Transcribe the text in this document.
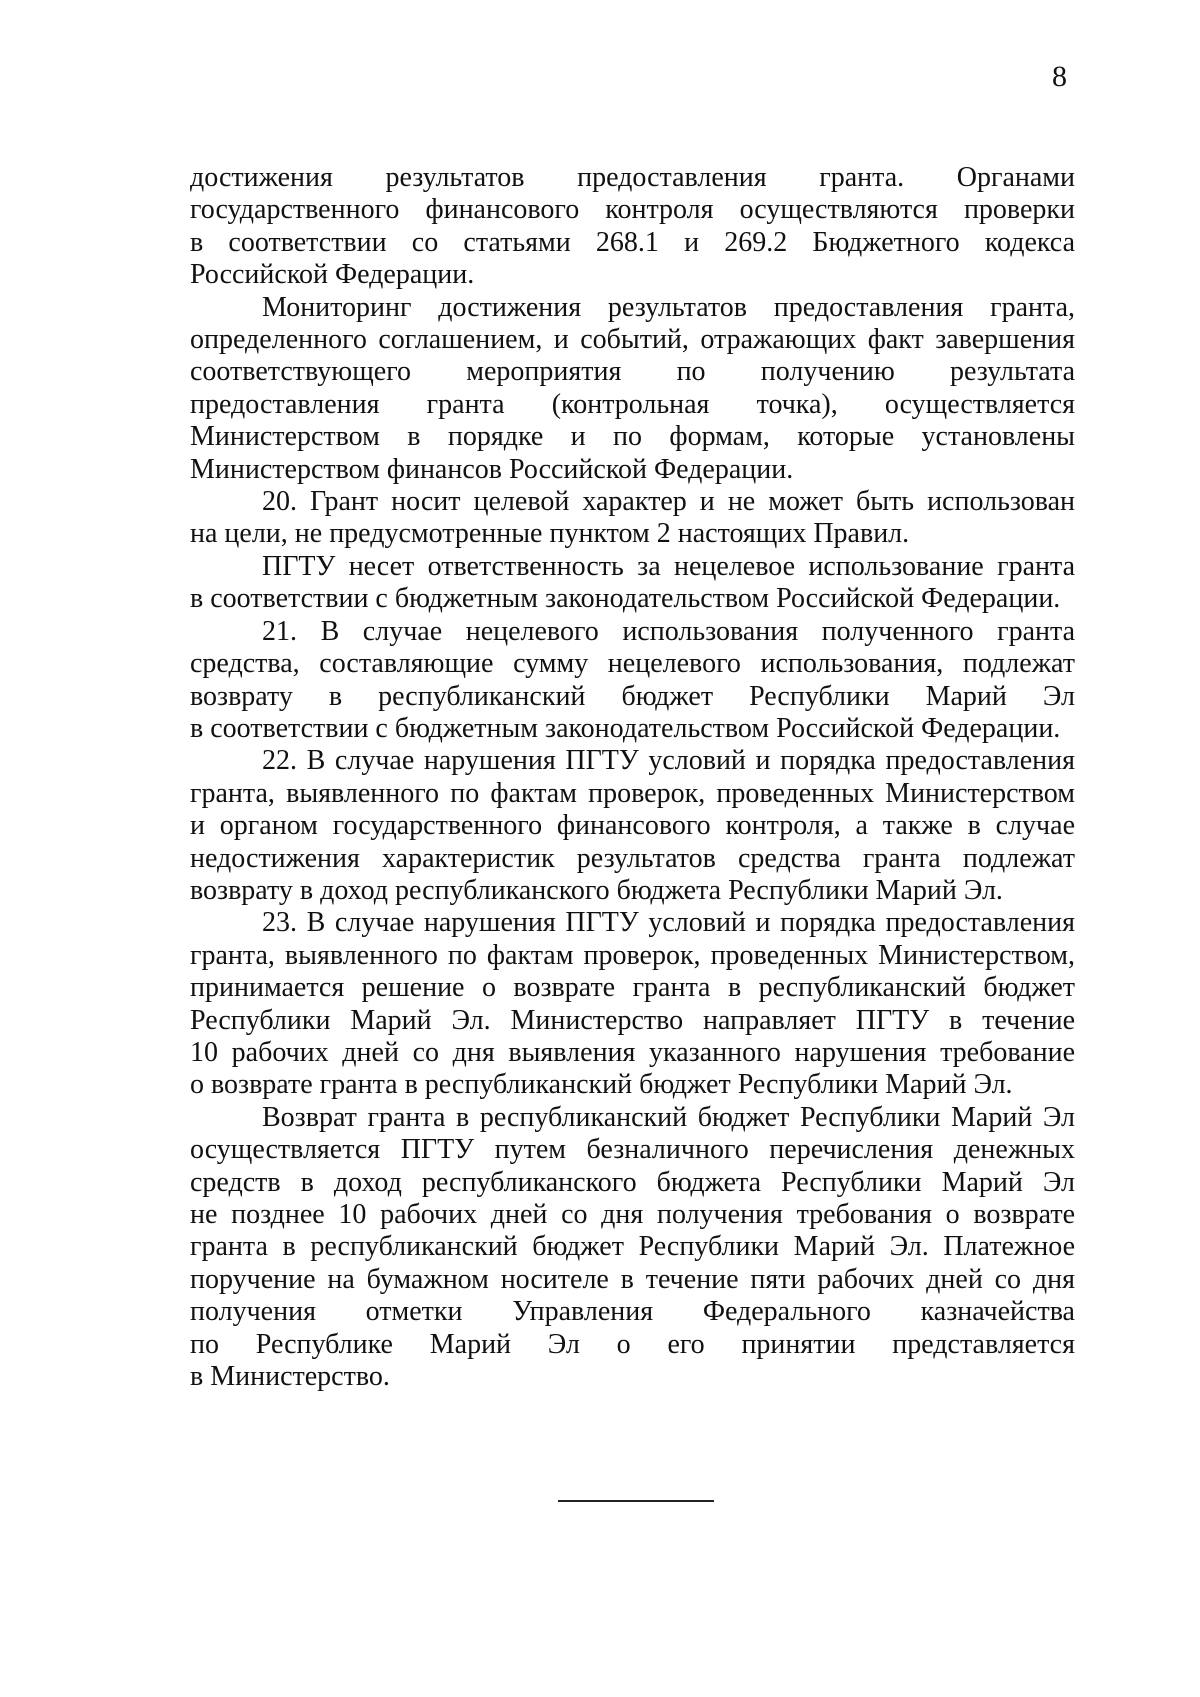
8

достижения результатов предоставления гранта. Органами
государственного финансового контроля осуществляются проверки
в соответствии со статьями 268.1 и 269.2 Бюджетного кодекса
Российской Федерации.

Мониторинг достижения результатов предоставления гранта,
определенного соглашением, и событий, отражающих факт завершения
соответствующего мероприятия по получению результата
предоставления гранта (контрольная точка), осуществляется
Министерством в порядке и по формам, которые установлены
Министерством финансов Российской Федерации.

20. Грант носит целевой характер и не может быть использован
на цели, не предусмотренные пунктом 2 настоящих Правил.

ПГТУ несет ответственность за нецелевое использование гранта
в соответствии с бюджетным законодательством Российской Федерации.

21. В случае нецелевого использования полученного гранта
средства, составляющие сумму нецелевого использования, подлежат
возврату в республиканский бюджет Республики Марий Эл
в соответствии с бюджетным законодательством Российской Федерации.

22. В случае нарушения ПГТУ условий и порядка предоставления
гранта, выявленного по фактам проверок, проведенных Министерством
и органом государственного финансового контроля, а также в случае
недостижения характеристик результатов средства гранта подлежат
возврату в доход республиканского бюджета Республики Марий Эл.

23. В случае нарушения ПГТУ условий и порядка предоставления
гранта, выявленного по фактам проверок, проведенных Министерством,
принимается решение о возврате гранта в республиканский бюджет
Республики Марий Эл. Министерство направляет ПГТУ в течение
10 рабочих дней со дня выявления указанного нарушения требование
о возврате гранта в республиканский бюджет Республики Марий Эл.

Возврат гранта в республиканский бюджет Республики Марий Эл
осуществляется ПГТУ путем безналичного перечисления денежных
средств в доход республиканского бюджета Республики Марий Эл
не позднее 10 рабочих дней со дня получения требования о возврате
гранта в республиканский бюджет Республики Марий Эл. Платежное
поручение на бумажном носителе в течение пяти рабочих дней со дня
получения отметки Управления Федерального казначейства
по Республике Марий Эл о его принятии представляется
в Министерство.
